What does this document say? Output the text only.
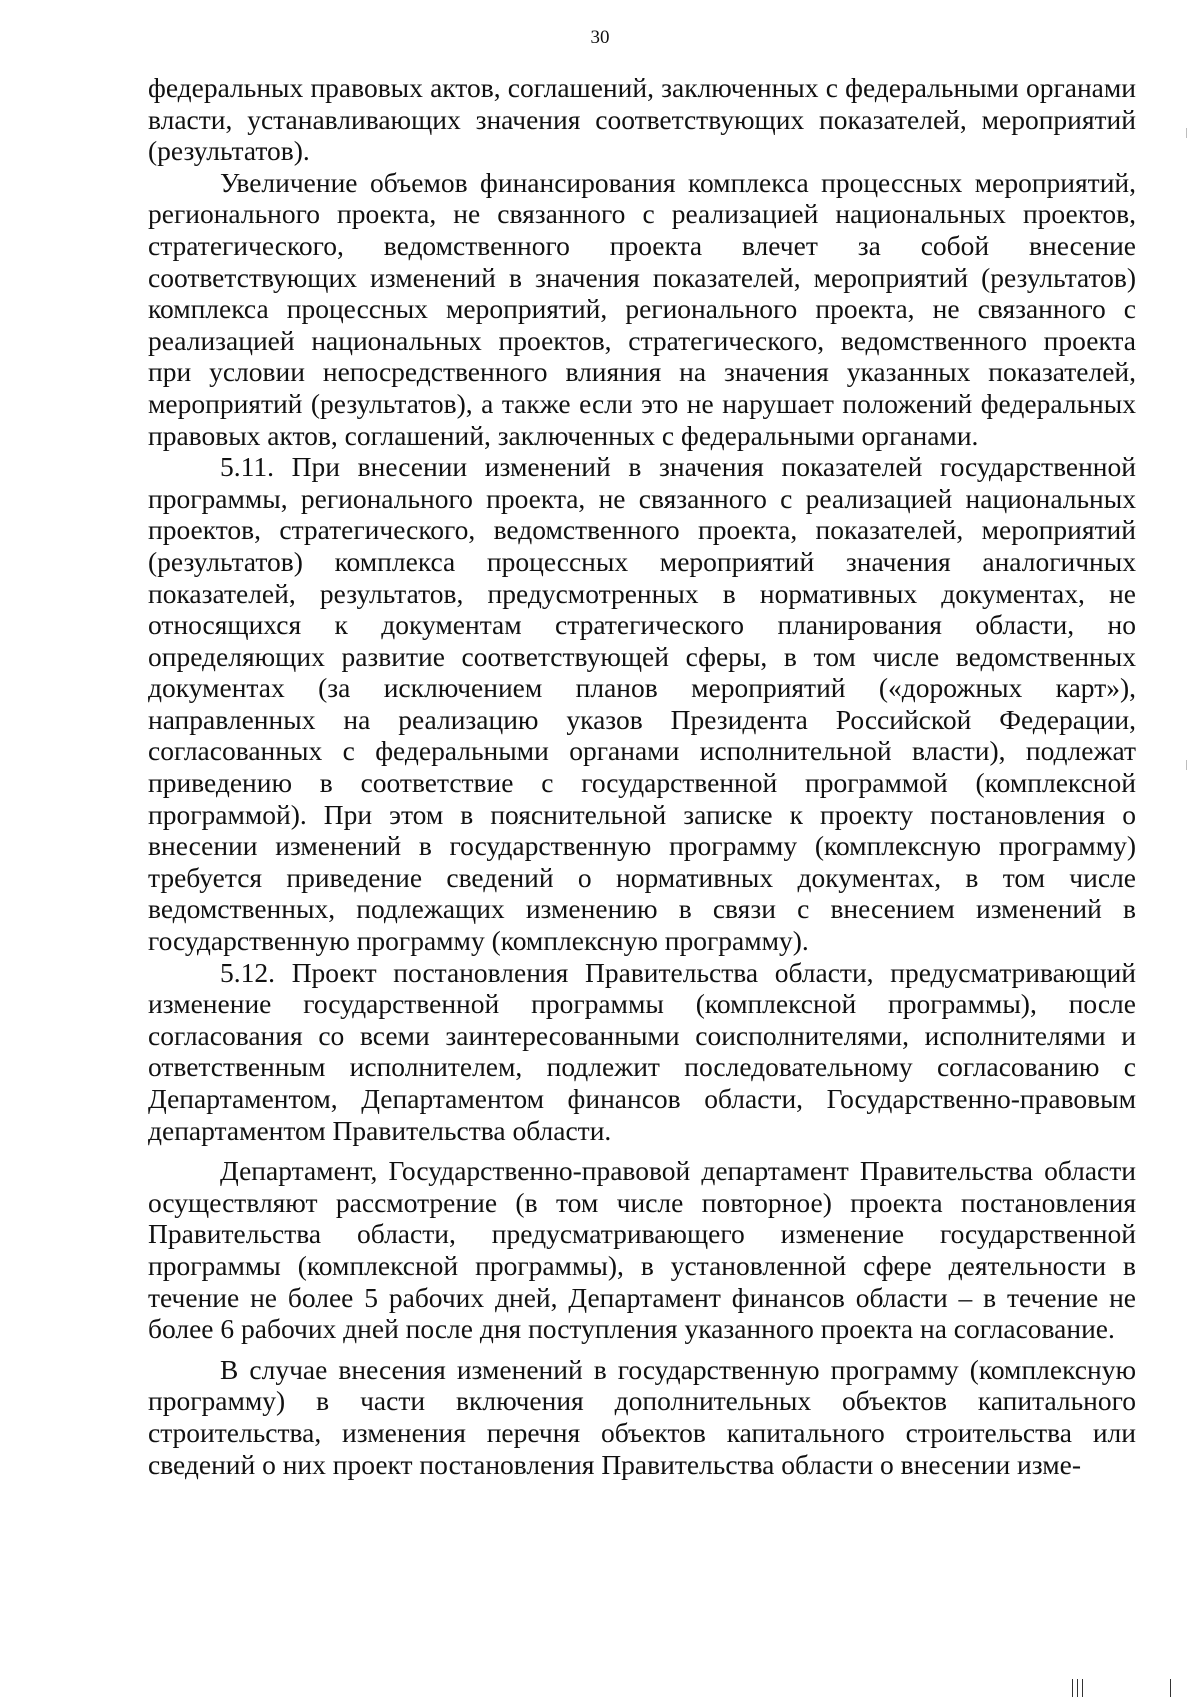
30

федеральных правовых актов, соглашений, заключенных с федеральными органами власти, устанавливающих значения соответствующих показателей, мероприятий (результатов).

Увеличение объемов финансирования комплекса процессных мероприятий, регионального проекта, не связанного с реализацией национальных проектов, стратегического, ведомственного проекта влечет за собой внесение соответствующих изменений в значения показателей, мероприятий (результатов) комплекса процессных мероприятий, регионального проекта, не связанного с реализацией национальных проектов, стратегического, ведомственного проекта при условии непосредственного влияния на значения указанных показателей, мероприятий (результатов), а также если это не нарушает положений федеральных правовых актов, соглашений, заключенных с федеральными органами.

5.11. При внесении изменений в значения показателей государственной программы, регионального проекта, не связанного с реализацией национальных проектов, стратегического, ведомственного проекта, показателей, мероприятий (результатов) комплекса процессных мероприятий значения аналогичных показателей, результатов, предусмотренных в нормативных документах, не относящихся к документам стратегического планирования области, но определяющих развитие соответствующей сферы, в том числе ведомственных документах (за исключением планов мероприятий («дорожных карт»), направленных на реализацию указов Президента Российской Федерации, согласованных с федеральными органами исполнительной власти), подлежат приведению в соответствие с государственной программой (комплексной программой). При этом в пояснительной записке к проекту постановления о внесении изменений в государственную программу (комплексную программу) требуется приведение сведений о нормативных документах, в том числе ведомственных, подлежащих изменению в связи с внесением изменений в государственную программу (комплексную программу).

5.12. Проект постановления Правительства области, предусматривающий изменение государственной программы (комплексной программы), после согласования со всеми заинтересованными соисполнителями, исполнителями и ответственным исполнителем, подлежит последовательному согласованию с Департаментом, Департаментом финансов области, Государственно-правовым департаментом Правительства области.

Департамент, Государственно-правовой департамент Правительства области осуществляют рассмотрение (в том числе повторное) проекта постановления Правительства области, предусматривающего изменение государственной программы (комплексной программы), в установленной сфере деятельности в течение не более 5 рабочих дней, Департамент финансов области – в течение не более 6 рабочих дней после дня поступления указанного проекта на согласование.

В случае внесения изменений в государственную программу (комплексную программу) в части включения дополнительных объектов капитального строительства, изменения перечня объектов капитального строительства или сведений о них проект постановления Правительства области о внесении изме-
